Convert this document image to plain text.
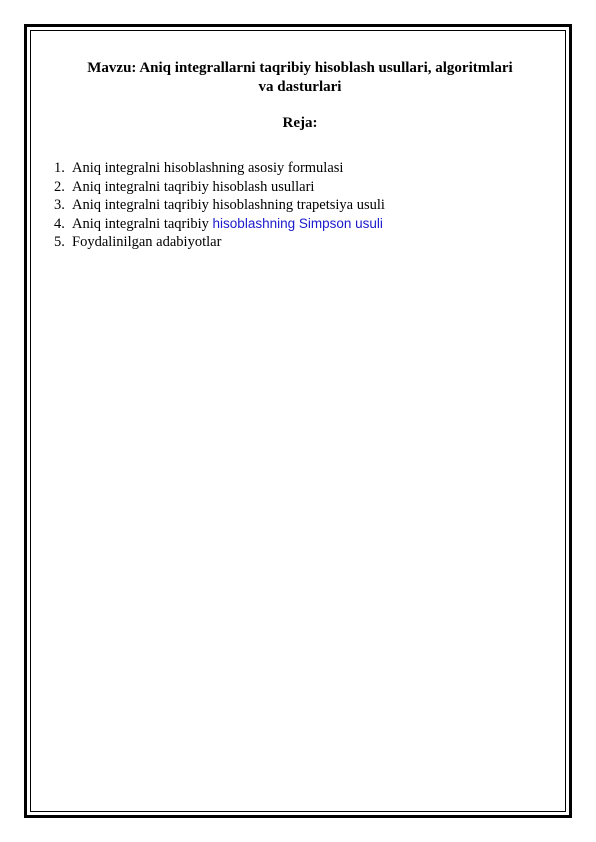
Mavzu: Aniq integrallarni taqribiy hisoblash usullari, algoritmlari
va dasturlari
Reja:
1. Aniq integralni hisoblashning asosiy formulasi
2. Aniq integralni taqribiy hisoblash usullari
3. Aniq integralni taqribiy hisoblashning trapetsiya usuli
4. Aniq integralni taqribiy hisoblashning Simpson usuli
5. Foydalinilgan adabiyotlar
